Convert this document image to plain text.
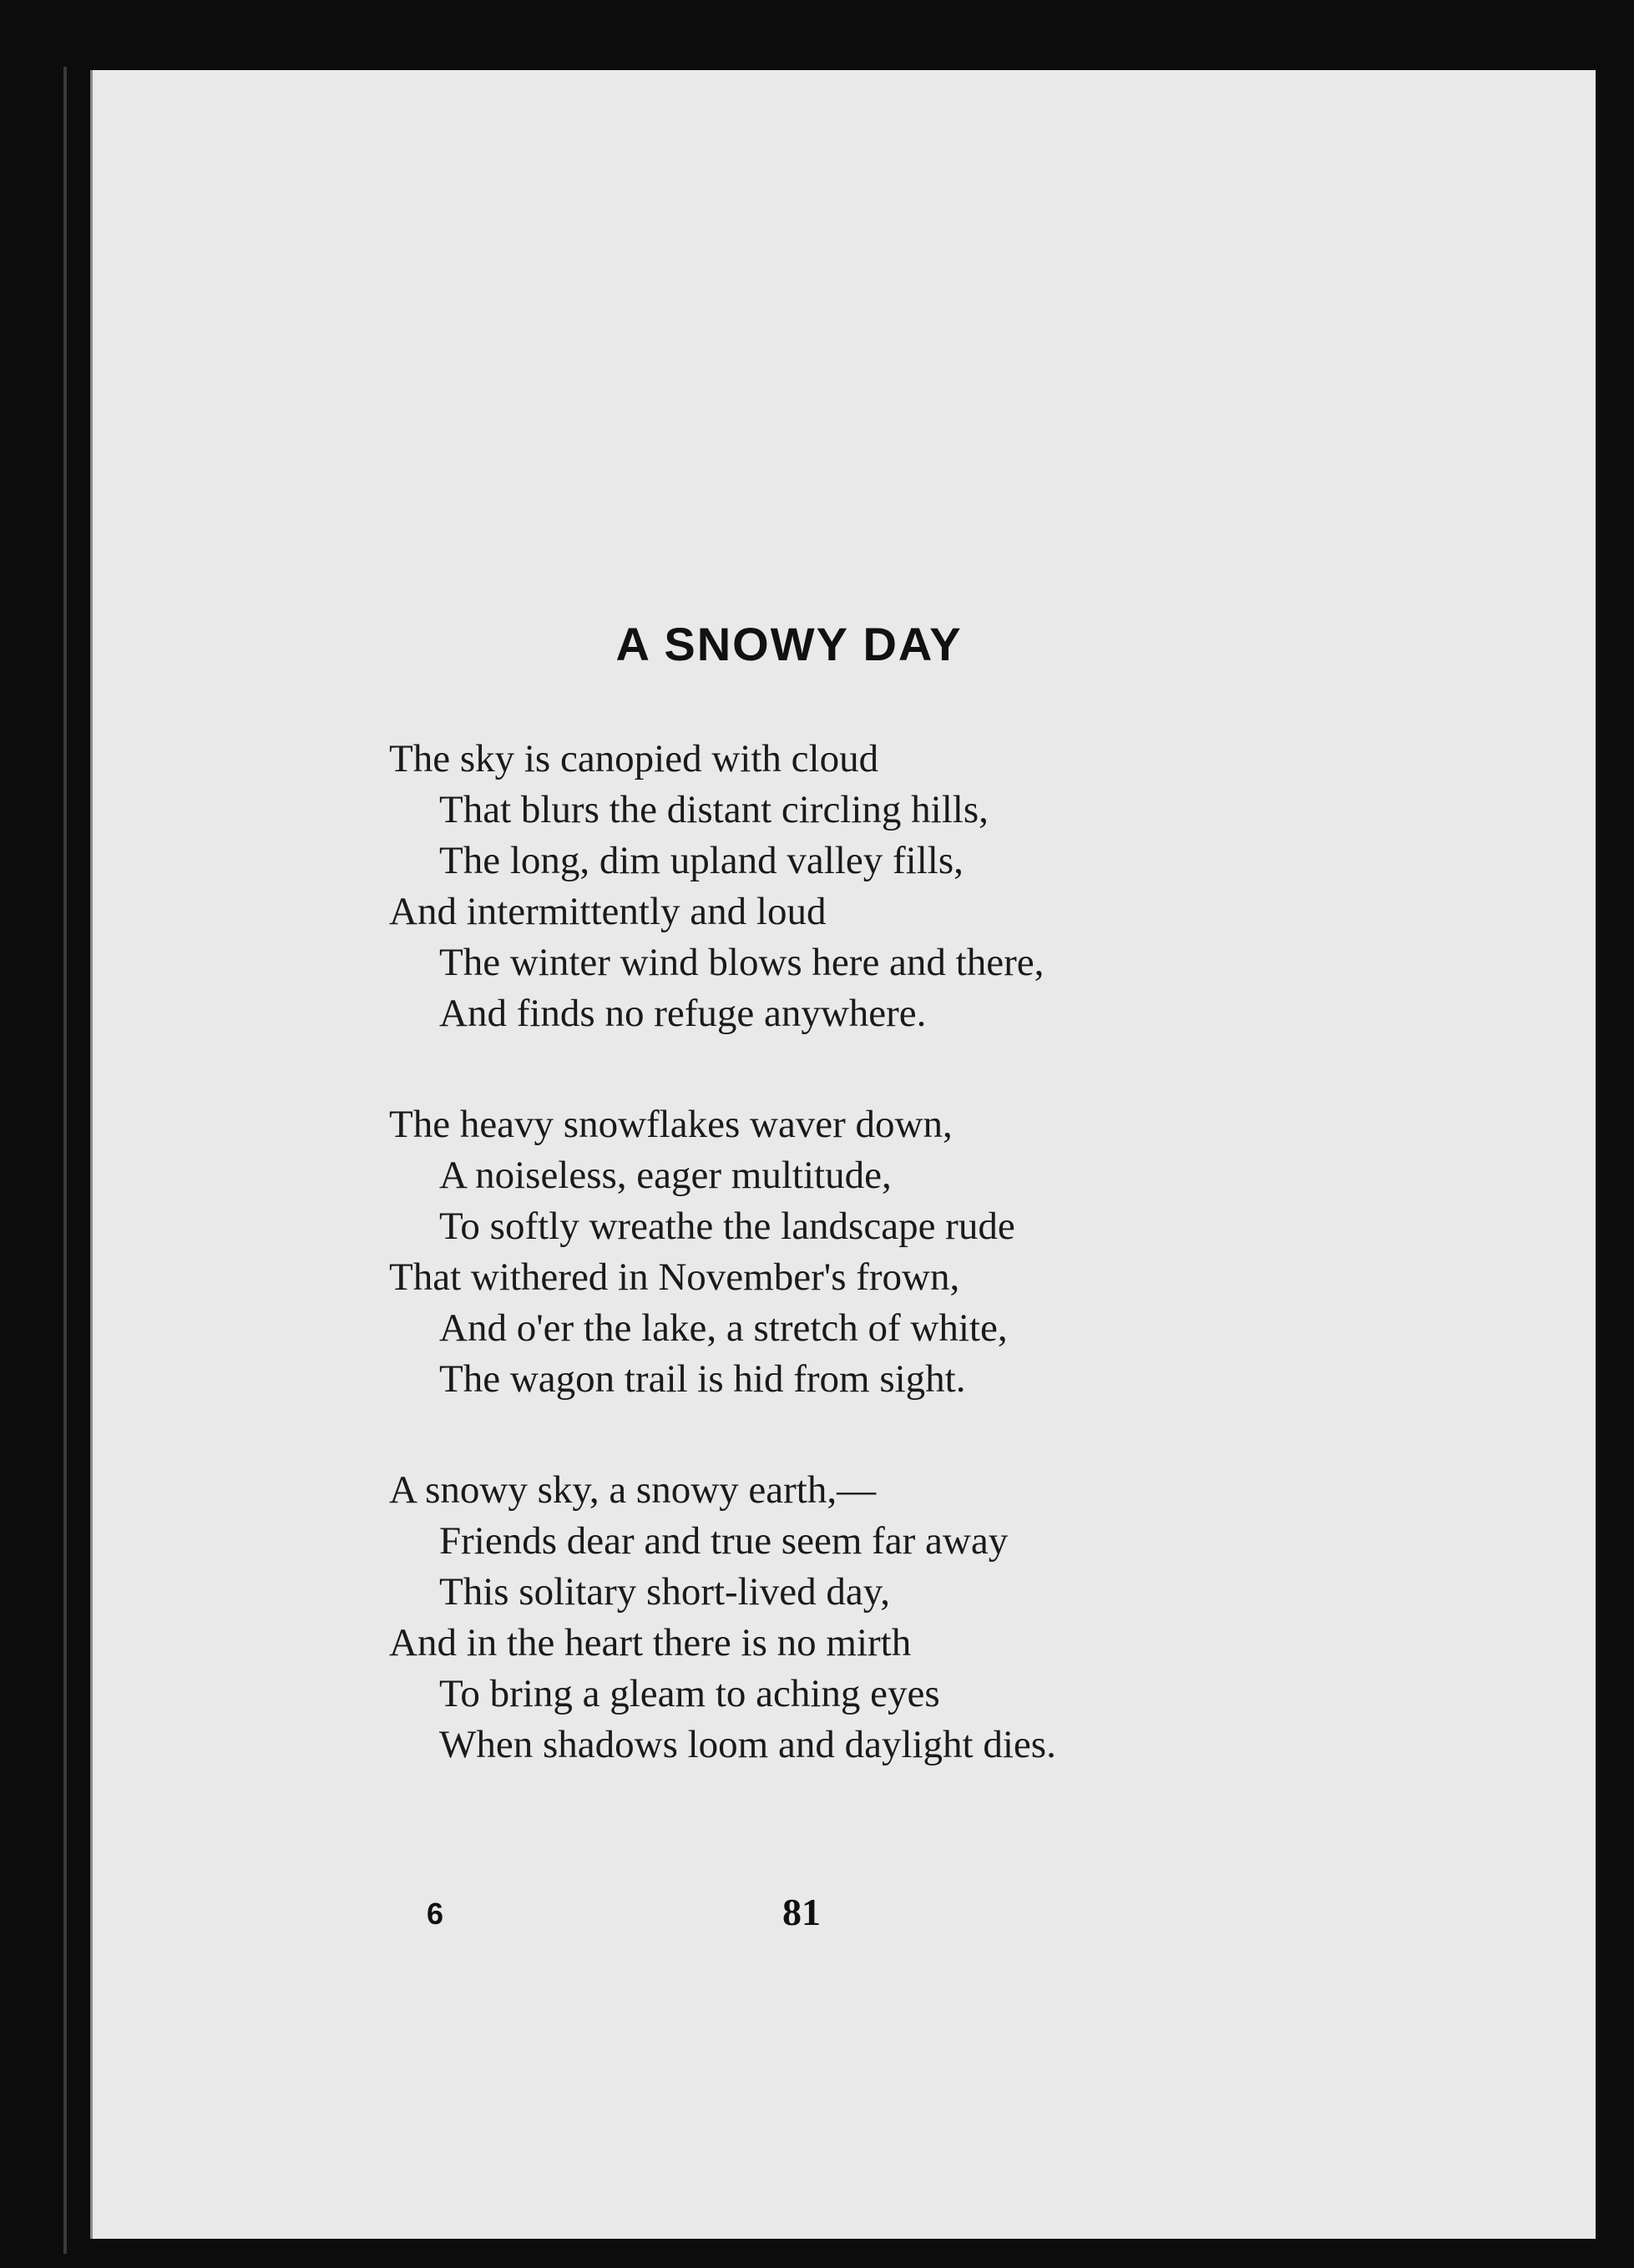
A SNOWY DAY
The sky is canopied with cloud
That blurs the distant circling hills,
The long, dim upland valley fills,
And intermittently and loud
The winter wind blows here and there,
And finds no refuge anywhere.
The heavy snowflakes waver down,
A noiseless, eager multitude,
To softly wreathe the landscape rude
That withered in November's frown,
And o'er the lake, a stretch of white,
The wagon trail is hid from sight.
A snowy sky, a snowy earth,—
Friends dear and true seem far away
This solitary short-lived day,
And in the heart there is no mirth
To bring a gleam to aching eyes
When shadows loom and daylight dies.
6	81
